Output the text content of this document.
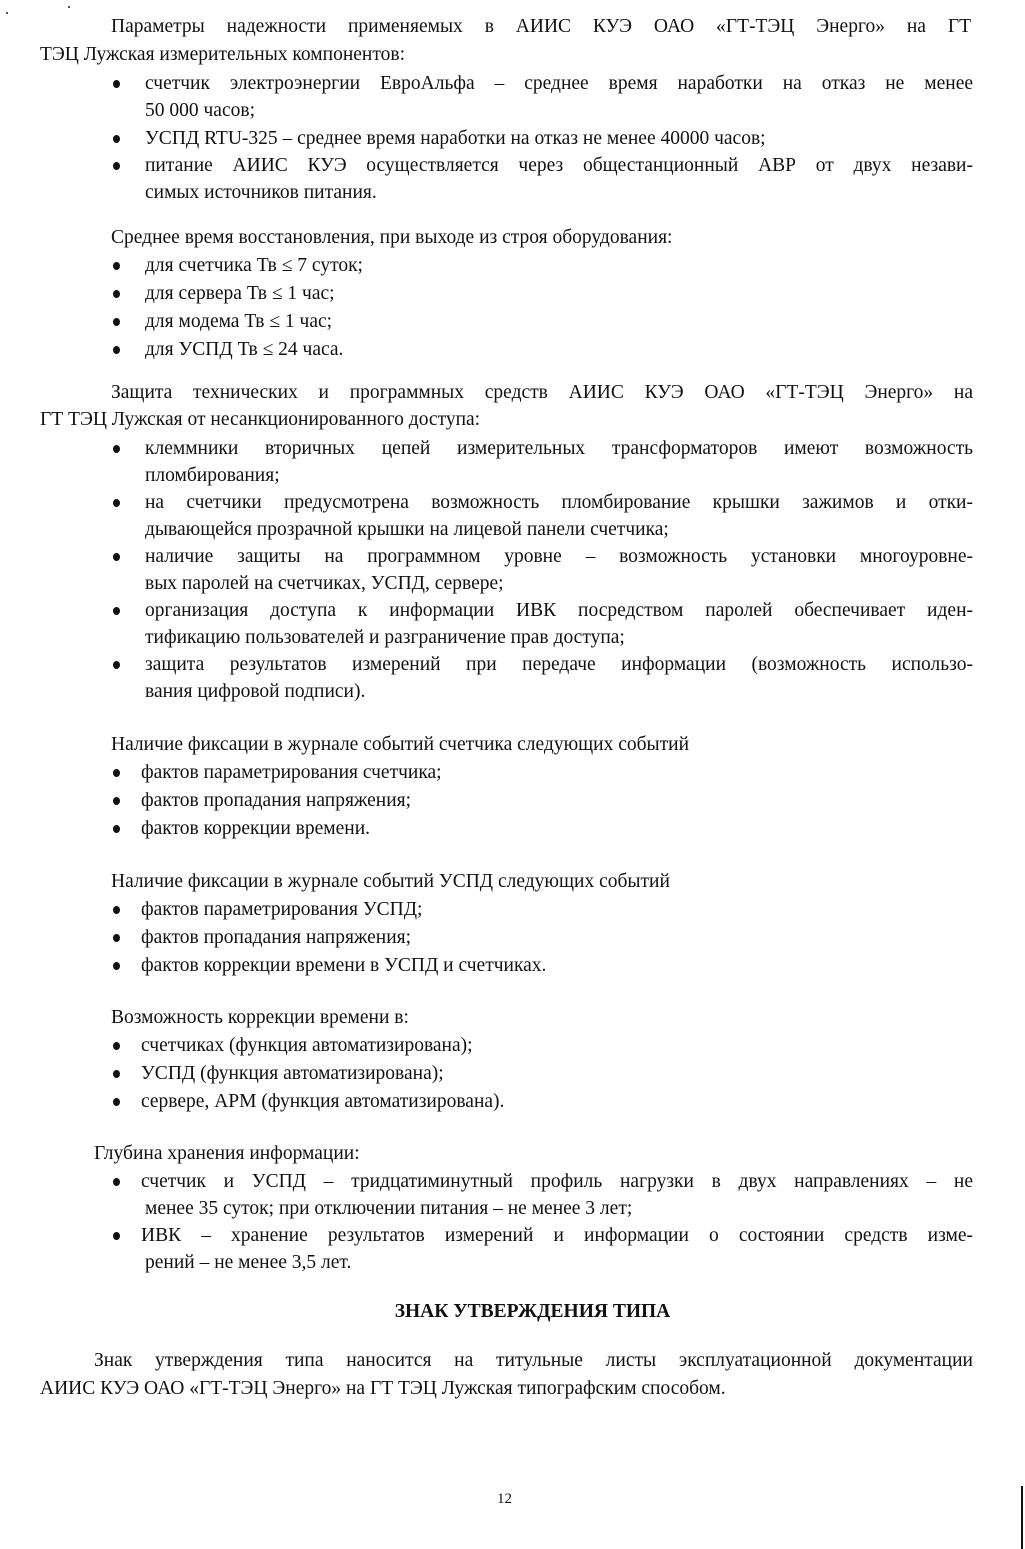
Параметры надежности применяемых в АИИС КУЭ ОАО «ГТ-ТЭЦ Энерго» на ГТ
ТЭЦ Лужская измерительных компонентов:
счетчик электроэнергии ЕвроАльфа – среднее время наработки на отказ не менее
50 000 часов;
УСПД RTU-325 – среднее время наработки на отказ не менее 40000 часов;
питание АИИС КУЭ осуществляется через общестанционный АВР от двух незави-
симых источников питания.
Среднее время восстановления, при выходе из строя оборудования:
для счетчика Тв ≤ 7 суток;
для сервера Тв ≤ 1 час;
для модема Тв ≤ 1 час;
для УСПД Тв ≤ 24 часа.
Защита технических и программных средств АИИС КУЭ ОАО «ГТ-ТЭЦ Энерго» на
ГТ ТЭЦ Лужская от несанкционированного доступа:
клеммники вторичных цепей измерительных трансформаторов имеют возможность
пломбирования;
на счетчики предусмотрена возможность пломбирование крышки зажимов и отки-
дывающейся прозрачной крышки на лицевой панели счетчика;
наличие защиты на программном уровне – возможность установки многоуровне-
вых паролей на счетчиках, УСПД, сервере;
организация доступа к информации ИВК посредством паролей обеспечивает иден-
тификацию пользователей и разграничение прав доступа;
защита результатов измерений при передаче информации (возможность использо-
вания цифровой подписи).
Наличие фиксации в журнале событий счетчика следующих событий
фактов параметрирования счетчика;
фактов пропадания напряжения;
фактов коррекции времени.
Наличие фиксации в журнале событий УСПД следующих событий
фактов параметрирования УСПД;
фактов пропадания напряжения;
фактов коррекции времени в УСПД и счетчиках.
Возможность коррекции времени в:
счетчиках (функция автоматизирована);
УСПД (функция автоматизирована);
сервере, АРМ (функция автоматизирована).
Глубина хранения информации:
счетчик и УСПД – тридцатиминутный профиль нагрузки в двух направлениях – не
менее 35 суток; при отключении питания – не менее 3 лет;
ИВК – хранение результатов измерений и информации о состоянии средств изме-
рений – не менее 3,5 лет.
ЗНАК УТВЕРЖДЕНИЯ ТИПА
Знак утверждения типа наносится на титульные листы эксплуатационной документации
АИИС КУЭ ОАО «ГТ-ТЭЦ Энерго» на ГТ ТЭЦ Лужская типографским способом.
12
